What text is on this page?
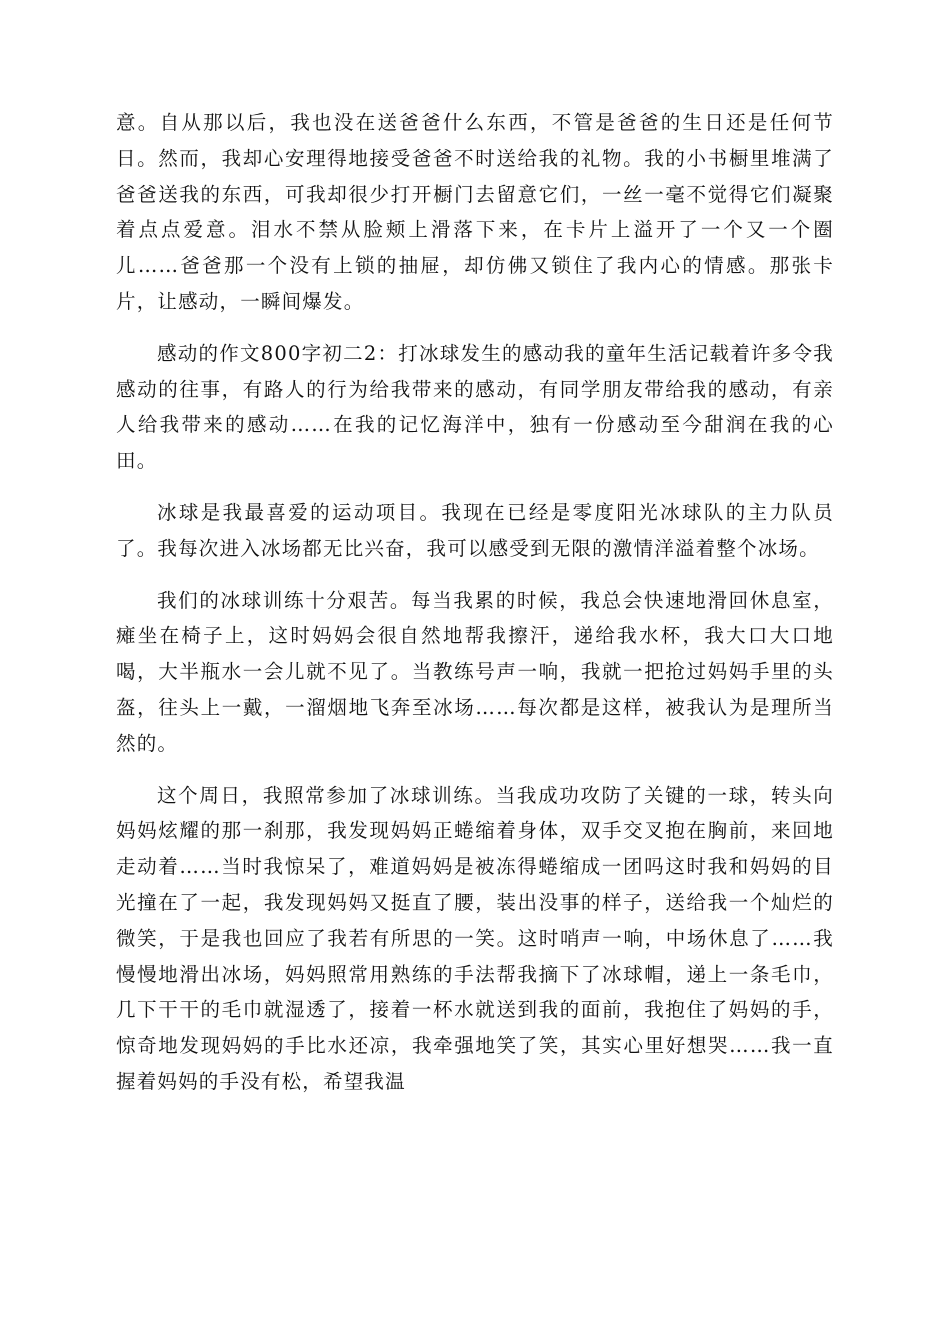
意。自从那以后，我也没在送爸爸什么东西，不管是爸爸的生日还是任何节日。然而，我却心安理得地接受爸爸不时送给我的礼物。我的小书橱里堆满了爸爸送我的东西，可我却很少打开橱门去留意它们，一丝一毫不觉得它们凝聚着点点爱意。泪水不禁从脸颊上滑落下来，在卡片上溢开了一个又一个圈儿……爸爸那一个没有上锁的抽屉，却仿佛又锁住了我内心的情感。那张卡片，让感动，一瞬间爆发。

感动的作文800字初二2：打冰球发生的感动我的童年生活记载着许多令我感动的往事，有路人的行为给我带来的感动，有同学朋友带给我的感动，有亲人给我带来的感动……在我的记忆海洋中，独有一份感动至今甜润在我的心田。

冰球是我最喜爱的运动项目。我现在已经是零度阳光冰球队的主力队员了。我每次进入冰场都无比兴奋，我可以感受到无限的激情洋溢着整个冰场。

我们的冰球训练十分艰苦。每当我累的时候，我总会快速地滑回休息室，瘫坐在椅子上，这时妈妈会很自然地帮我擦汗，递给我水杯，我大口大口地喝，大半瓶水一会儿就不见了。当教练号声一响，我就一把抢过妈妈手里的头盔，往头上一戴，一溜烟地飞奔至冰场……每次都是这样，被我认为是理所当然的。

这个周日，我照常参加了冰球训练。当我成功攻防了关键的一球，转头向妈妈炫耀的那一刹那，我发现妈妈正蜷缩着身体，双手交叉抱在胸前，来回地走动着……当时我惊呆了，难道妈妈是被冻得蜷缩成一团吗这时我和妈妈的目光撞在了一起，我发现妈妈又挺直了腰，装出没事的样子，送给我一个灿烂的微笑，于是我也回应了我若有所思的一笑。这时哨声一响，中场休息了……我慢慢地滑出冰场，妈妈照常用熟练的手法帮我摘下了冰球帽，递上一条毛巾，几下干干的毛巾就湿透了，接着一杯水就送到我的面前，我抱住了妈妈的手，惊奇地发现妈妈的手比水还凉，我牵强地笑了笑，其实心里好想哭……我一直握着妈妈的手没有松，希望我温
